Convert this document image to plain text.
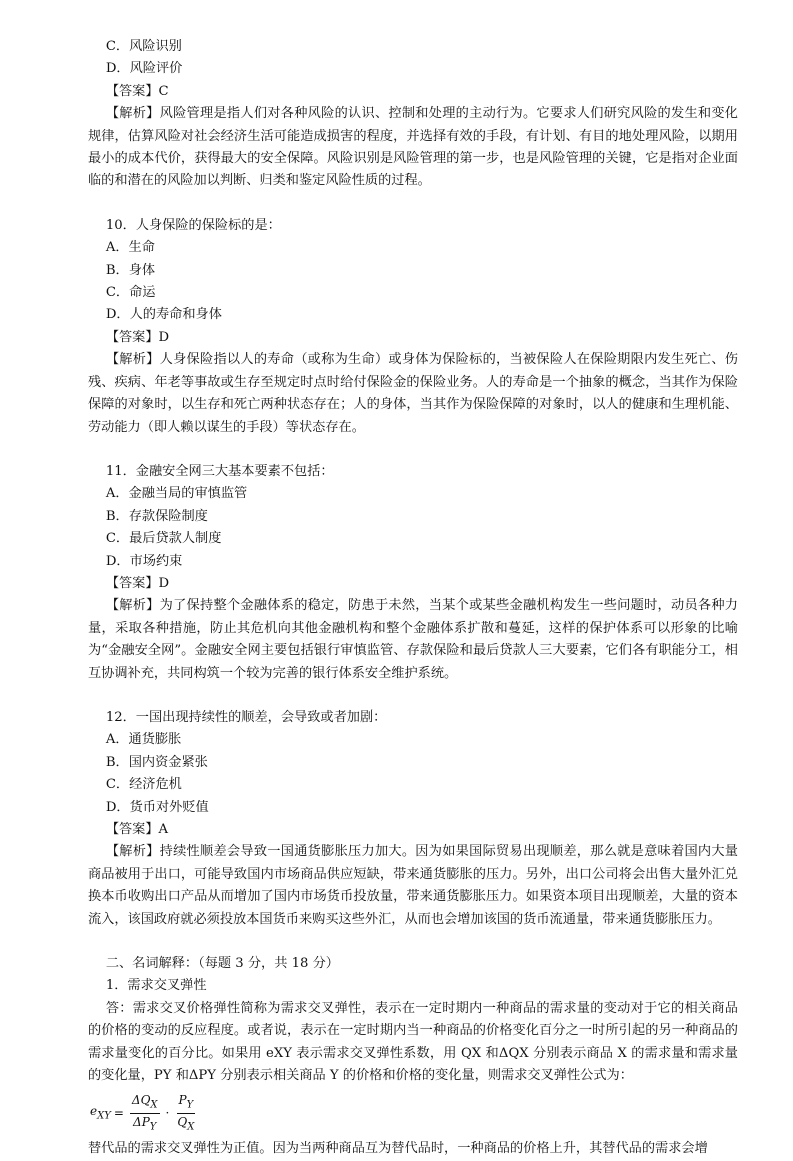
C．风险识别
D．风险评价
【答案】C

【解析】风险管理是指人们对各种风险的认识、控制和处理的主动行为。它要求人们研究风险的发生和变化规律，估算风险对社会经济生活可能造成损害的程度，并选择有效的手段，有计划、有目的地处理风险，以期用最小的成本代价，获得最大的安全保障。风险识别是风险管理的第一步，也是风险管理的关键，它是指对企业面临的和潜在的风险加以判断、归类和鉴定风险性质的过程。

10．人身保险的保险标的是：
A．生命
B．身体
C．命运
D．人的寿命和身体
【答案】D

【解析】人身保险指以人的寿命（或称为生命）或身体为保险标的，当被保险人在保险期限内发生死亡、伤残、疾病、年老等事故或生存至规定时点时给付保险金的保险业务。人的寿命是一个抽象的概念，当其作为保险保障的对象时，以生存和死亡两种状态存在；人的身体，当其作为保险保障的对象时，以人的健康和生理机能、劳动能力（即人赖以谋生的手段）等状态存在。

11．金融安全网三大基本要素不包括：
A．金融当局的审慎监管
B．存款保险制度
C．最后贷款人制度
D．市场约束
【答案】D

【解析】为了保持整个金融体系的稳定，防患于未然，当某个或某些金融机构发生一些问题时，动员各种力量，采取各种措施，防止其危机向其他金融机构和整个金融体系扩散和蔓延，这样的保护体系可以形象的比喻为“金融安全网”。金融安全网主要包括银行审慎监管、存款保险和最后贷款人三大要素，它们各有职能分工，相互协调补充，共同构筑一个较为完善的银行体系安全维护系统。

12．一国出现持续性的顺差，会导致或者加剧：
A．通货膨胀
B．国内资金紧张
C．经济危机
D．货币对外贬值
【答案】A

【解析】持续性顺差会导致一国通货膨胀压力加大。因为如果国际贸易出现顺差，那么就是意味着国内大量商品被用于出口，可能导致国内市场商品供应短缺，带来通货膨胀的压力。另外，出口公司将会出售大量外汇兑换本币收购出口产品从而增加了国内市场货币投放量，带来通货膨胀压力。如果资本项目出现顺差，大量的资本流入，该国政府就必须投放本国货币来购买这些外汇，从而也会增加该国的货币流通量，带来通货膨胀压力。

二、名词解释：（每题 3 分，共 18 分）
1．需求交叉弹性

答：需求交叉价格弹性简称为需求交叉弹性，表示在一定时期内一种商品的需求量的变动对于它的相关商品的价格的变动的反应程度。或者说，表示在一定时期内当一种商品的价格变化百分之一时所引起的另一种商品的需求量变化的百分比。如果用 eXY 表示需求交叉弹性系数，用 QX 和ΔQX 分别表示商品 X 的需求量和需求量的变化量，PY 和ΔPY 分别表示相关商品 Y 的价格和价格的变化量，则需求交叉弹性公式为：

$e_{XY} = \frac{\Delta Q_X}{\Delta P_Y} \cdot \frac{P_Y}{Q_X}$
替代品的需求交叉弹性为正值。因为当两种商品互为替代品时，一种商品的价格上升，其替代品的需求会增
